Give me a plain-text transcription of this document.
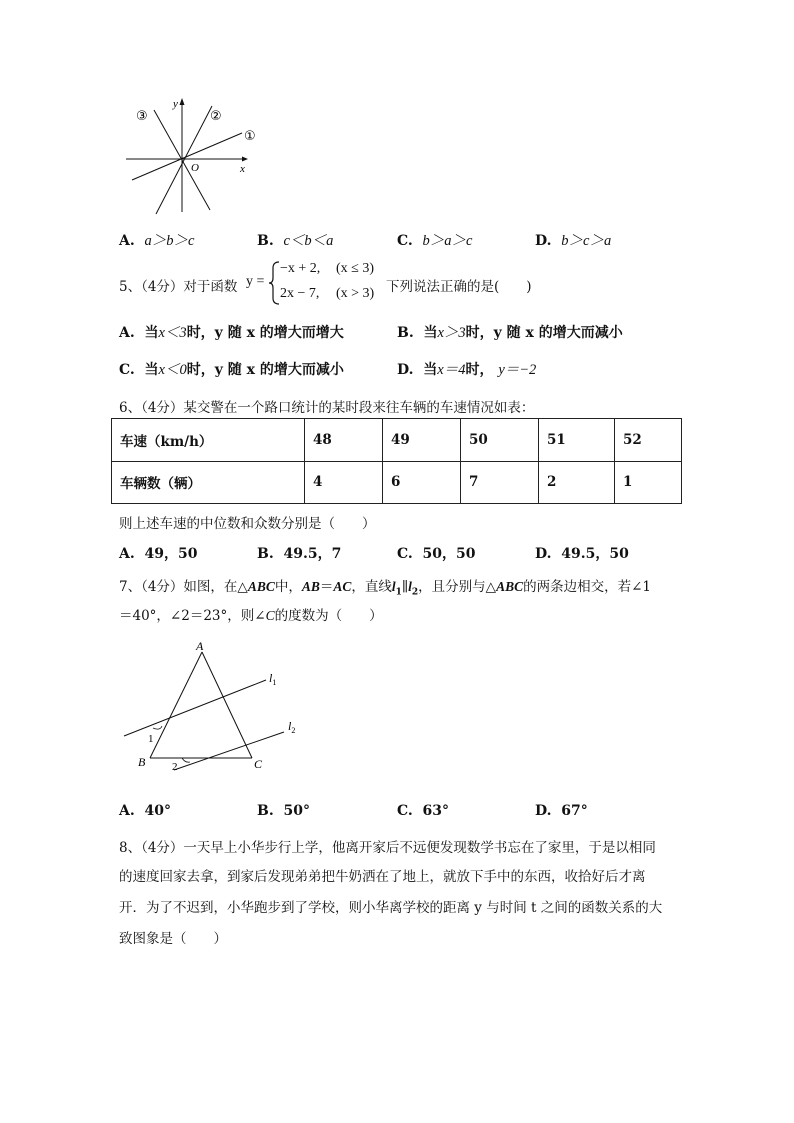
③	②
①
y
x
O
A. a＞b＞c	B. c＜b＜a	C. b＞a＞c	D. b＞c＞a
5、（4分）对于函数 y =
−x + 2, (x ≤ 3)
2x − 7, (x > 3) 下列说法正确的是(　　)
A. 当x＜3时，y 随 x 的增大而增大	B. 当x＞3时，y 随 x 的增大而减小
C. 当x＜0时，y 随 x 的增大而减小	D. 当x＝4时， y＝−2
6、（4分）某交警在一个路口统计的某时段来往车辆的车速情况如表：
车速（km/h）	48	49	50	51	52
车辆数（辆）	4	6	7	2	1
则上述车速的中位数和众数分别是（　　）
A. 49，50	B. 49.5，7	C. 50，50	D. 49.5，50
7、（4分）如图，在△ABC中，AB＝AC，直线$l_1\parallel l_2$，且分别与△ABC的两条边相交，若∠1
＝40°，∠2＝23°，则∠C的度数为（　　）
A
B	C
$l_1$
$l_2$
1
2
A. 40°	B. 50°	C. 63°	D. 67°
8、（4分）一天早上小华步行上学，他离开家后不远便发现数学书忘在了家里，于是以相同
的速度回家去拿，到家后发现弟弟把牛奶洒在了地上，就放下手中的东西，收拾好后才离
开．为了不迟到，小华跑步到了学校，则小华离学校的距离 y 与时间 t 之间的函数关系的大
致图象是（　　）
